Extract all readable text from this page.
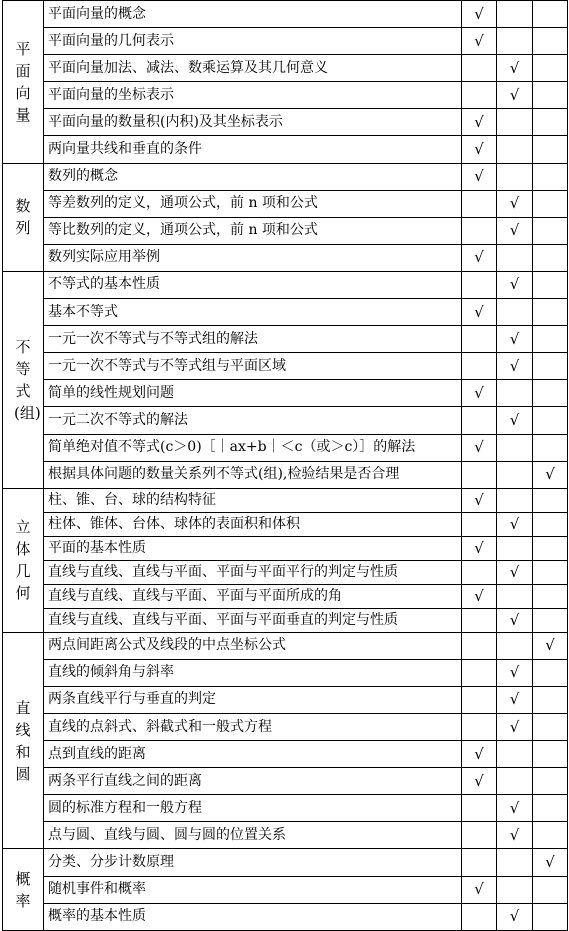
平面向量	平面向量的概念	√		
	平面向量的几何表示	√		
	平面向量加法、减法、数乘运算及其几何意义		√	
	平面向量的坐标表示		√	
	平面向量的数量积(内积)及其坐标表示	√		
	两向量共线和垂直的条件	√		
数列	数列的概念	√		
	等差数列的定义，通项公式，前 n 项和公式		√	
	等比数列的定义，通项公式，前 n 项和公式		√	
	数列实际应用举例	√		
不等式(组)	不等式的基本性质		√	
	基本不等式	√		
	一元一次不等式与不等式组的解法		√	
	一元一次不等式与不等式组与平面区域		√	
	简单的线性规划问题	√		
	一元二次不等式的解法		√	
	简单绝对值不等式(c＞0)［｜ax+b｜＜c（或＞c）］的解法	√		
	根据具体问题的数量关系列不等式(组),检验结果是否合理			√
立体几何	柱、锥、台、球的结构特征	√		
	柱体、锥体、台体、球体的表面积和体积		√	
	平面的基本性质	√		
	直线与直线、直线与平面、平面与平面平行的判定与性质		√	
	直线与直线、直线与平面、平面与平面所成的角	√		
	直线与直线、直线与平面、平面与平面垂直的判定与性质		√	
直线和圆	两点间距离公式及线段的中点坐标公式			√
	直线的倾斜角与斜率		√	
	两条直线平行与垂直的判定		√	
	直线的点斜式、斜截式和一般式方程		√	
	点到直线的距离	√		
	两条平行直线之间的距离	√		
	圆的标准方程和一般方程		√	
	点与圆、直线与圆、圆与圆的位置关系		√	
概率	分类、分步计数原理			√
	随机事件和概率	√		
	概率的基本性质		√	
